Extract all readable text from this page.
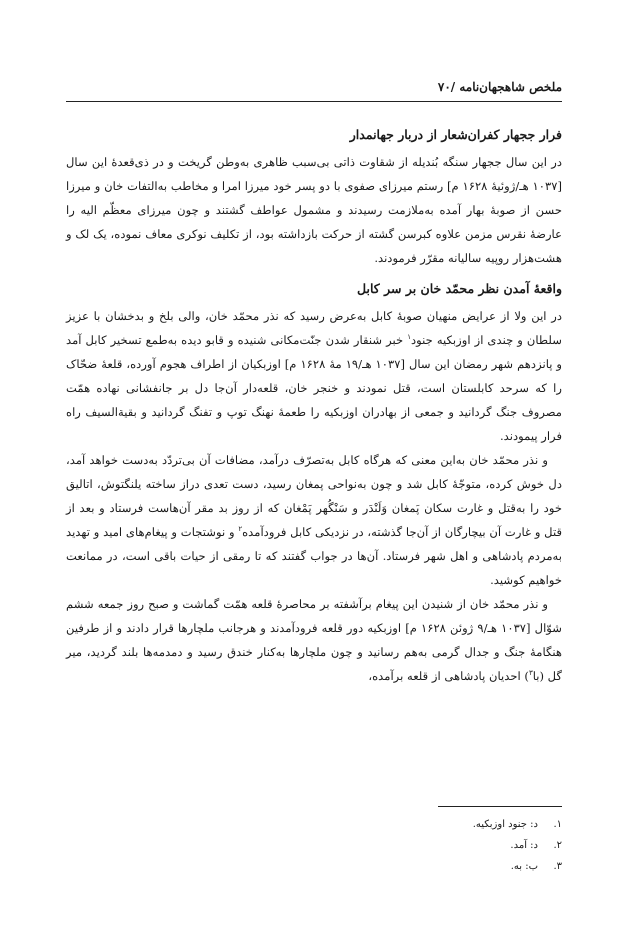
ملخص شاهجهان‌نامه /۷۰
فرار ججهار کفران‌شعار از دربار جهانمدار

در این سال ججهار سنگه بُندیله از شقاوت ذاتی بی‌سبب ظاهری به‌وطن گریخت و در ذی‌قعدهٔ این سال [۱۰۳۷ هـ/ژوئیهٔ ۱۶۲۸ م] رستم میرزای صفوی با دو پسر خود میرزا امرا و مخاطب به‌التفات خان و میرزا حسن از صوبهٔ بهار آمده به‌ملازمت رسیدند و مشمول عواطف گشتند و چون میرزای معظّم الیه را عارضهٔ نقرس مزمن علاوه کبرسن گشته از حرکت بازداشته بود، از تکلیف نوکری معاف نموده، یک لک و هشت‌هزار روپیه سالیانه مقرّر فرمودند.

واقعهٔ آمدن نظر محمّد خان بر سر کابل

در این ولا از عرایض منهیان صوبهٔ کابل به‌عرض رسید که نذر محمّد خان، والی بلخ و بدخشان با عزیز سلطان و چندی از اوزبکیه جنود$^۱$ خبر شنقار شدن جنّت‌مکانی شنیده و قابو دیده به‌طمع تسخیر کابل آمد و پانزدهم شهر رمضان این سال [۱۰۳۷ هـ/۱۹ مهٔ ۱۶۲۸ م] اوزبکیان از اطراف هجوم آورده، قلعهٔ ضحّاک را که سرحد کابلستان است، قتل نمودند و خنجر خان، قلعه‌دار آن‌جا دل بر جانفشانی نهاده همّت مصروف جنگ گردانید و جمعی از بهادران اوزبکیه را طعمهٔ نهنگ توپ و تفنگ گردانید و بقیةالسیف راه فرار پیمودند.

و نذر محمّد خان به‌این معنی که هرگاه کابل به‌تصرّف درآمد، مضافات آن بی‌تردّد به‌دست خواهد آمد، دل خوش کرده، متوجّهٔ کابل شد و چون به‌نواحی پمغان رسید، دست تعدی دراز ساخته یلنگتوش، اتالیق خود را به‌قتل و غارت سکان پَمغان وَلَنْدَر و سَنْگُهر پَمْغان که از روز بد مقر آن‌هاست فرستاد و بعد از قتل و غارت آن بیچارگان از آن‌جا گذشته، در نزدیکی کابل فرودآمده$^۲$ و نوشتجات و پیغام‌های امید و تهدید به‌مردم پادشاهی و اهل شهر فرستاد. آن‌ها در جواب گفتند که تا رمقی از حیات باقی است، در ممانعت خواهیم کوشید.

و نذر محمّد خان از شنیدن این پیغام برآشفته بر محاصرهٔ قلعه همّت گماشت و صبح روز جمعه ششم شوّال [۱۰۳۷ هـ/۹ ژوئن ۱۶۲۸ م] اوزبکیه دور قلعه فرودآمدند و هرجانب ملچارها قرار دادند و از طرفین هنگامهٔ جنگ و جدال گرمی به‌هم رسانید و چون ملچارها به‌کنار خندق رسید و دمدمه‌ها بلند گردید، میر گل (با$^۳$) احدیان پادشاهی از قلعه برآمده،

۱.د: جنود اوزبکیه.
۲.د: آمد.
۳.ب: به.
